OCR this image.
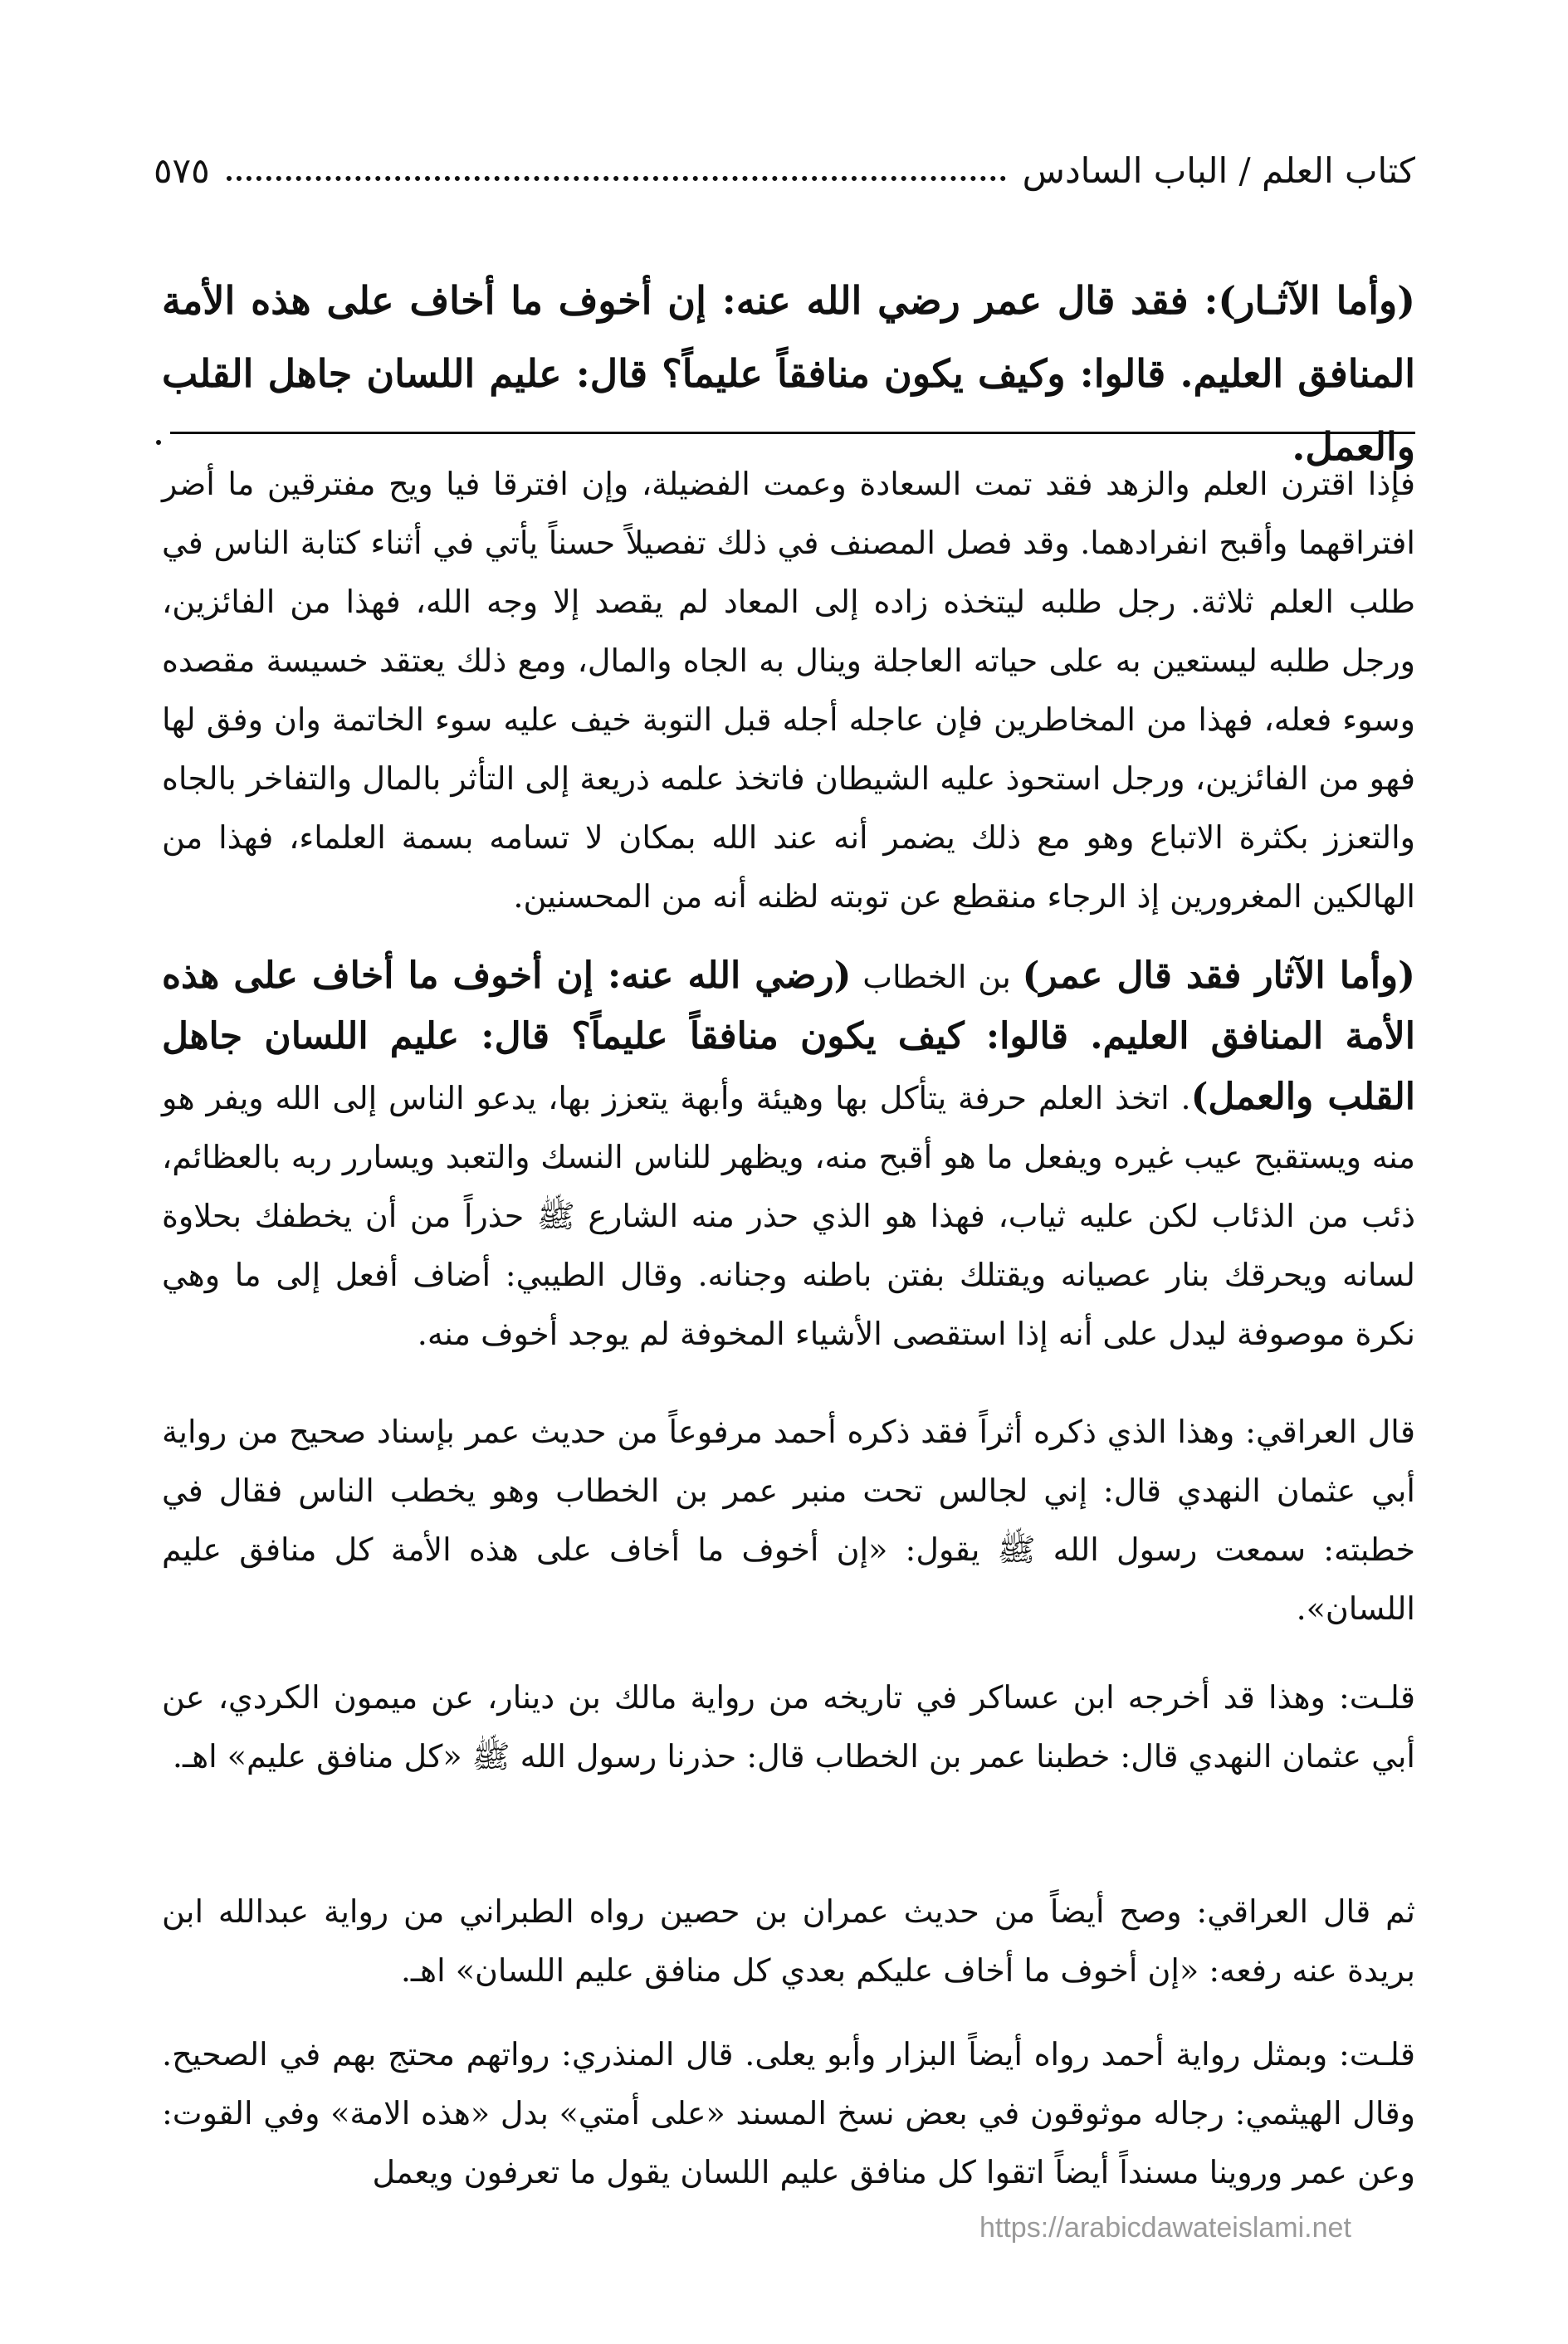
كتاب العلم / الباب السادس
٥٧٥

(وأما الآثـار): فقد قال عمر رضي الله عنه: إن أخوف ما أخاف على هذه الأمة المنافق العليم. قالوا: وكيف يكون منافقاً عليماً؟ قال: عليم اللسان جاهل القلب والعمل.

فإذا اقترن العلم والزهد فقد تمت السعادة وعمت الفضيلة، وإن افترقا فيا ويح مفترقين ما أضر افتراقهما وأقبح انفرادهما. وقد فصل المصنف في ذلك تفصيلاً حسناً يأتي في أثناء كتابة الناس في طلب العلم ثلاثة. رجل طلبه ليتخذه زاده إلى المعاد لم يقصد إلا وجه الله، فهذا من الفائزين، ورجل طلبه ليستعين به على حياته العاجلة وينال به الجاه والمال، ومع ذلك يعتقد خسيسة مقصده وسوء فعله، فهذا من المخاطرين فإن عاجله أجله قبل التوبة خيف عليه سوء الخاتمة وان وفق لها فهو من الفائزين، ورجل استحوذ عليه الشيطان فاتخذ علمه ذريعة إلى التأثر بالمال والتفاخر بالجاه والتعزز بكثرة الاتباع وهو مع ذلك يضمر أنه عند الله بمكان لا تسامه بسمة العلماء، فهذا من الهالكين المغرورين إذ الرجاء منقطع عن توبته لظنه أنه من المحسنين.

(وأما الآثار فقد قال عمر) بن الخطاب (رضي الله عنه: إن أخوف ما أخاف على هذه الأمة المنافق العليم. قالوا: كيف يكون منافقاً عليماً؟ قال: عليم اللسان جاهل القلب والعمل). اتخذ العلم حرفة يتأكل بها وهيئة وأبهة يتعزز بها، يدعو الناس إلى الله ويفر هو منه ويستقبح عيب غيره ويفعل ما هو أقبح منه، ويظهر للناس النسك والتعبد ويسارر ربه بالعظائم، ذئب من الذئاب لكن عليه ثياب، فهذا هو الذي حذر منه الشارع ﷺ حذراً من أن يخطفك بحلاوة لسانه ويحرقك بنار عصيانه ويقتلك بفتن باطنه وجنانه. وقال الطيبي: أضاف أفعل إلى ما وهي نكرة موصوفة ليدل على أنه إذا استقصى الأشياء المخوفة لم يوجد أخوف منه.

قال العراقي: وهذا الذي ذكره أثراً فقد ذكره أحمد مرفوعاً من حديث عمر بإسناد صحيح من رواية أبي عثمان النهدي قال: إني لجالس تحت منبر عمر بن الخطاب وهو يخطب الناس فقال في خطبته: سمعت رسول الله ﷺ يقول: «إن أخوف ما أخاف على هذه الأمة كل منافق عليم اللسان».

قلـت: وهذا قد أخرجه ابن عساكر في تاريخه من رواية مالك بن دينار، عن ميمون الكردي، عن أبي عثمان النهدي قال: خطبنا عمر بن الخطاب قال: حذرنا رسول الله ﷺ «كل منافق عليم» اهـ.

ثم قال العراقي: وصح أيضاً من حديث عمران بن حصين رواه الطبراني من رواية عبدالله ابن بريدة عنه رفعه: «إن أخوف ما أخاف عليكم بعدي كل منافق عليم اللسان» اهـ.

قلـت: وبمثل رواية أحمد رواه أيضاً البزار وأبو يعلى. قال المنذري: رواتهم محتج بهم في الصحيح. وقال الهيثمي: رجاله موثوقون في بعض نسخ المسند «على أمتي» بدل «هذه الامة» وفي القوت: وعن عمر وروينا مسنداً أيضاً اتقوا كل منافق عليم اللسان يقول ما تعرفون ويعمل

https://arabicdawateislami.net
